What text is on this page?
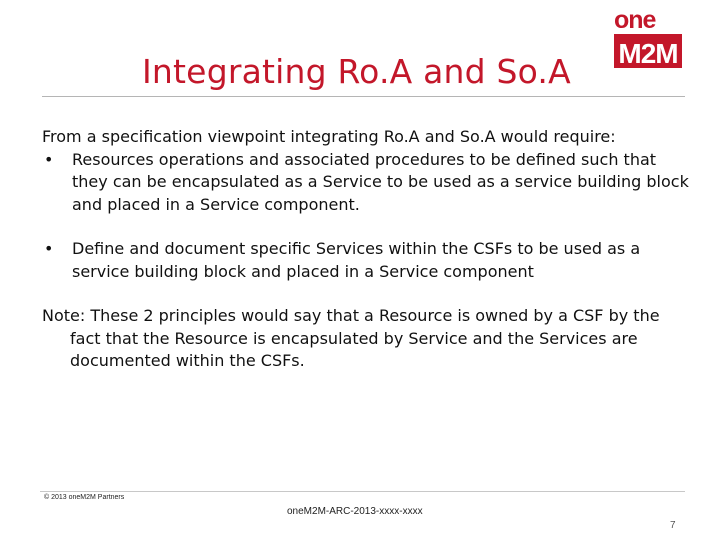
Integrating Ro.A and So.A
one
M2M

From a specification viewpoint integrating Ro.A and So.A would require:

•	Resources operations and associated procedures to be defined such that they can be encapsulated as a Service to be used as a service building block and placed in a Service component.
•	Define and document specific Services within the CSFs to be used as a service building block and placed in a Service component

Note: These 2 principles would say that a Resource is owned by a CSF by the fact that the Resource is encapsulated by Service and the Services are documented within the CSFs.

© 2013 oneM2M Partners
oneM2M-ARC-2013-xxxx-xxxx
7
